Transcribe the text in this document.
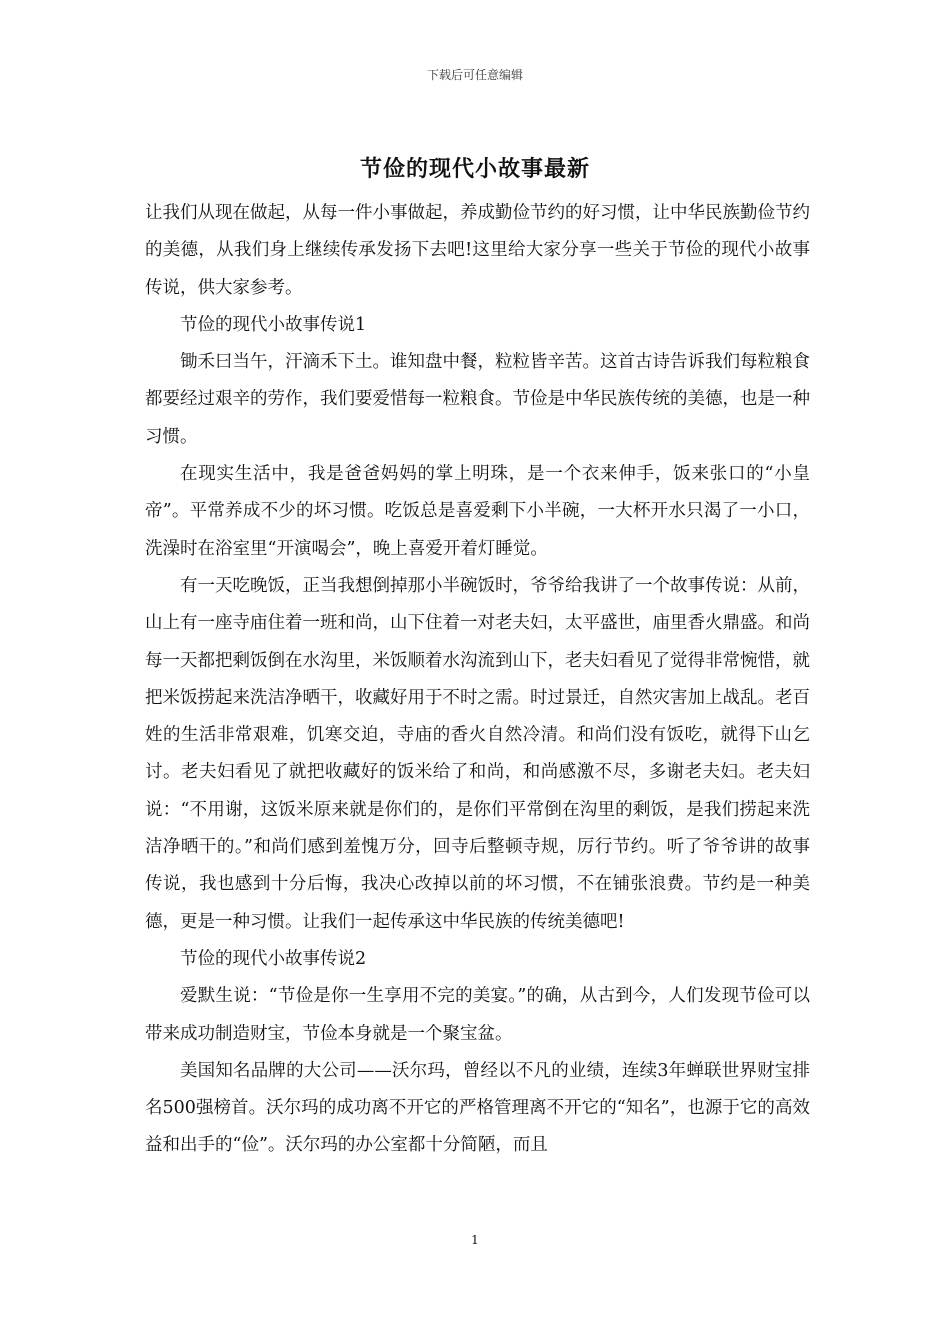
下载后可任意编辑
节俭的现代小故事最新

让我们从现在做起，从每一件小事做起，养成勤俭节约的好习惯，让中华民族勤俭节约的美德，从我们身上继续传承发扬下去吧!这里给大家分享一些关于节俭的现代小故事传说，供大家参考。

节俭的现代小故事传说1

锄禾曰当午，汗滴禾下土。谁知盘中餐，粒粒皆辛苦。这首古诗告诉我们每粒粮食都要经过艰辛的劳作，我们要爱惜每一粒粮食。节俭是中华民族传统的美德，也是一种习惯。

在现实生活中，我是爸爸妈妈的掌上明珠，是一个衣来伸手，饭来张口的“小皇帝”。平常养成不少的坏习惯。吃饭总是喜爱剩下小半碗，一大杯开水只渴了一小口，洗澡时在浴室里“开演喝会”，晚上喜爱开着灯睡觉。

有一天吃晚饭，正当我想倒掉那小半碗饭时，爷爷给我讲了一个故事传说：从前，山上有一座寺庙住着一班和尚，山下住着一对老夫妇，太平盛世，庙里香火鼎盛。和尚每一天都把剩饭倒在水沟里，米饭顺着水沟流到山下，老夫妇看见了觉得非常惋惜，就把米饭捞起来洗洁净晒干，收藏好用于不时之需。时过景迁，自然灾害加上战乱。老百姓的生活非常艰难，饥寒交迫，寺庙的香火自然冷清。和尚们没有饭吃，就得下山乞讨。老夫妇看见了就把收藏好的饭米给了和尚，和尚感激不尽，多谢老夫妇。老夫妇说：“不用谢，这饭米原来就是你们的，是你们平常倒在沟里的剩饭，是我们捞起来洗洁净晒干的。”和尚们感到羞愧万分，回寺后整顿寺规，厉行节约。听了爷爷讲的故事传说，我也感到十分后悔，我决心改掉以前的坏习惯，不在铺张浪费。节约是一种美德，更是一种习惯。让我们一起传承这中华民族的传统美德吧!

节俭的现代小故事传说2

爱默生说：“节俭是你一生享用不完的美宴。”的确，从古到今，人们发现节俭可以带来成功制造财宝，节俭本身就是一个聚宝盆。

美国知名品牌的大公司——沃尔玛，曾经以不凡的业绩，连续3年蝉联世界财宝排名500强榜首。沃尔玛的成功离不开它的严格管理离不开它的“知名”，也源于它的高效益和出手的“俭”。沃尔玛的办公室都十分简陋，而且

1
